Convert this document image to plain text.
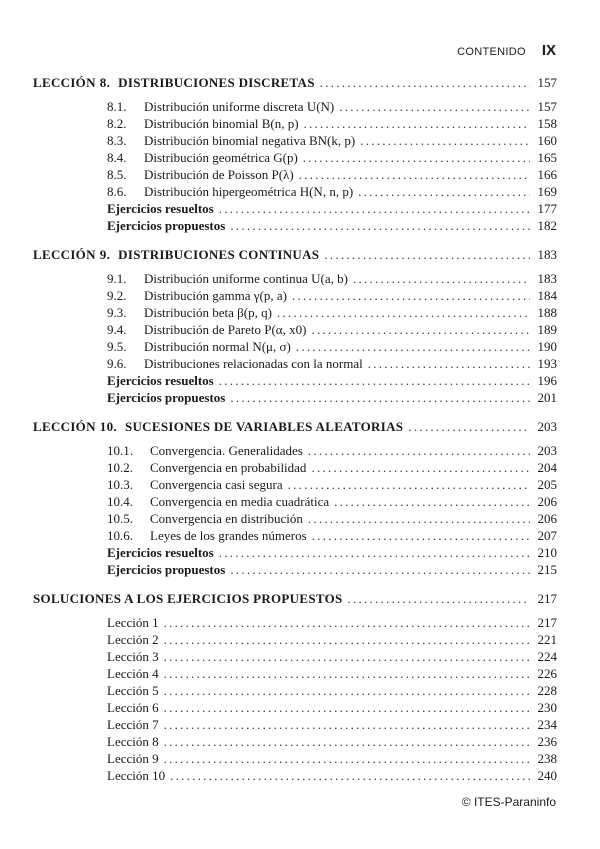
CONTENIDO IX
LECCIÓN 8. DISTRIBUCIONES DISCRETAS . . .	157
8.1.	Distribución uniforme discreta U(N) . . .	157
8.2.	Distribución binomial B(n, p) . . .	158
8.3.	Distribución binomial negativa BN(k, p) . . .	160
8.4.	Distribución geométrica G(p) . . .	165
8.5.	Distribución de Poisson P(λ) . . .	166
8.6.	Distribución hipergeométrica H(N, n, p) . . .	169
Ejercicios resueltos . . .	177
Ejercicios propuestos . . .	182
LECCIÓN 9. DISTRIBUCIONES CONTINUAS . . .	183
9.1.	Distribución uniforme continua U(a, b) . . .	183
9.2.	Distribución gamma γ(p, a) . . .	184
9.3.	Distribución beta β(p, q) . . .	188
9.4.	Distribución de Pareto P(α, x0) . . .	189
9.5.	Distribución normal N(μ, σ) . . .	190
9.6.	Distribuciones relacionadas con la normal . . .	193
Ejercicios resueltos . . .	196
Ejercicios propuestos . . .	201
LECCIÓN 10. SUCESIONES DE VARIABLES ALEATORIAS . . .	203
10.1.	Convergencia. Generalidades . . .	203
10.2.	Convergencia en probabilidad . . .	204
10.3.	Convergencia casi segura . . .	205
10.4.	Convergencia en media cuadrática . . .	206
10.5.	Convergencia en distribución . . .	206
10.6.	Leyes de los grandes números . . .	207
Ejercicios resueltos . . .	210
Ejercicios propuestos . . .	215
SOLUCIONES A LOS EJERCICIOS PROPUESTOS . . .	217
Lección 1 . . .	217
Lección 2 . . .	221
Lección 3 . . .	224
Lección 4 . . .	226
Lección 5 . . .	228
Lección 6 . . .	230
Lección 7 . . .	234
Lección 8 . . .	236
Lección 9 . . .	238
Lección 10 . . .	240
© ITES-Paraninfo
